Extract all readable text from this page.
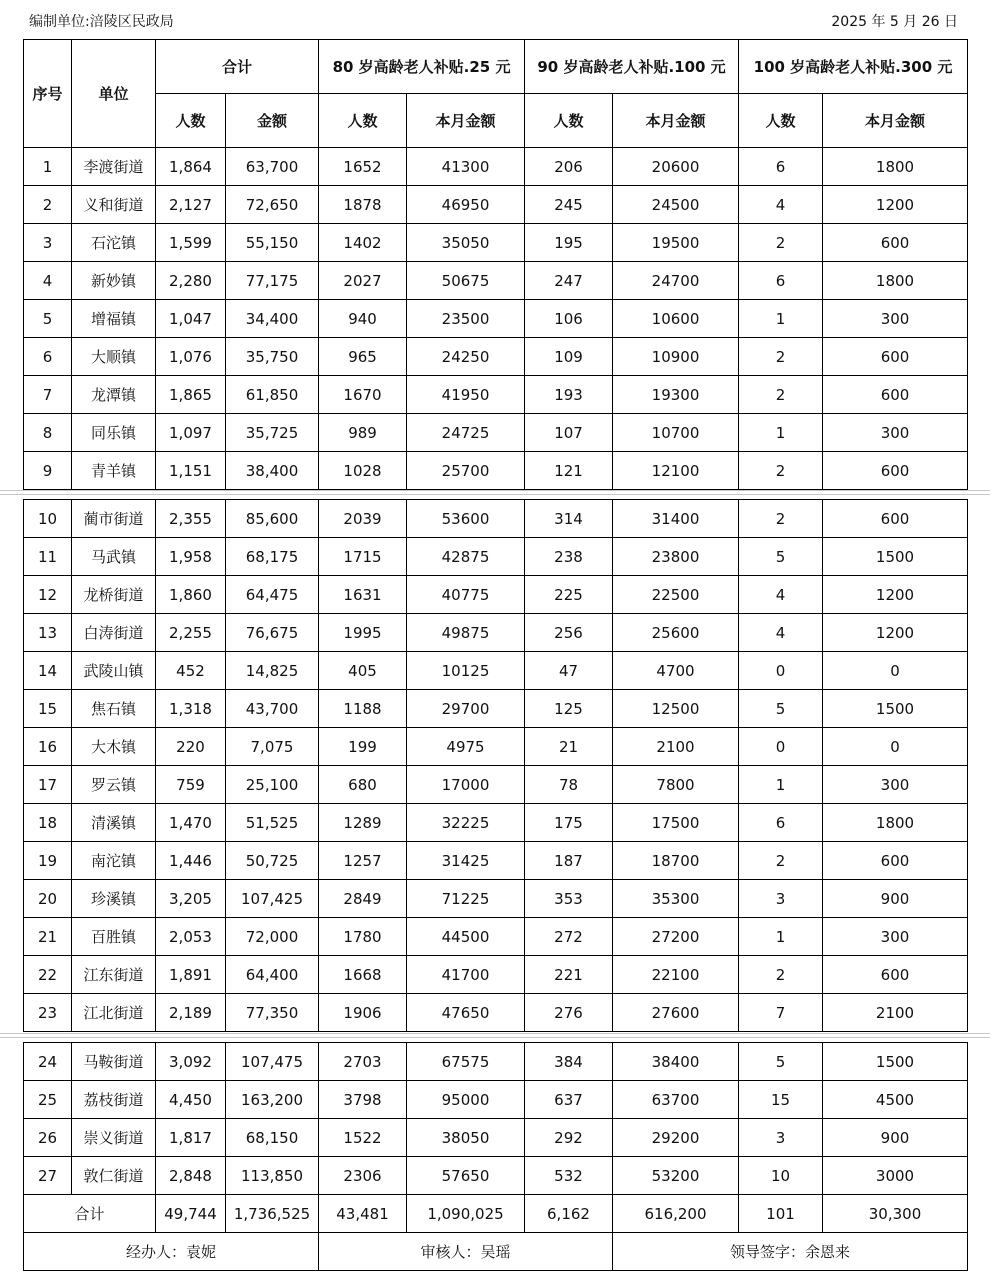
编制单位:涪陵区民政局	2025 年 5 月 26 日
序号	单位	合计		80 岁高龄老人补贴.25 元		90 岁高龄老人补贴.100 元		100 岁高龄老人补贴.300 元	
		人数	金额	人数	本月金额	人数	本月金额	人数	本月金额
1	李渡街道	1,864	63,700	1652	41300	206	20600	6	1800
2	义和街道	2,127	72,650	1878	46950	245	24500	4	1200
3	石沱镇	1,599	55,150	1402	35050	195	19500	2	600
4	新妙镇	2,280	77,175	2027	50675	247	24700	6	1800
5	增福镇	1,047	34,400	940	23500	106	10600	1	300
6	大顺镇	1,076	35,750	965	24250	109	10900	2	600
7	龙潭镇	1,865	61,850	1670	41950	193	19300	2	600
8	同乐镇	1,097	35,725	989	24725	107	10700	1	300
9	青羊镇	1,151	38,400	1028	25700	121	12100	2	600
10	蔺市街道	2,355	85,600	2039	53600	314	31400	2	600
11	马武镇	1,958	68,175	1715	42875	238	23800	5	1500
12	龙桥街道	1,860	64,475	1631	40775	225	22500	4	1200
13	白涛街道	2,255	76,675	1995	49875	256	25600	4	1200
14	武陵山镇	452	14,825	405	10125	47	4700	0	0
15	焦石镇	1,318	43,700	1188	29700	125	12500	5	1500
16	大木镇	220	7,075	199	4975	21	2100	0	0
17	罗云镇	759	25,100	680	17000	78	7800	1	300
18	清溪镇	1,470	51,525	1289	32225	175	17500	6	1800
19	南沱镇	1,446	50,725	1257	31425	187	18700	2	600
20	珍溪镇	3,205	107,425	2849	71225	353	35300	3	900
21	百胜镇	2,053	72,000	1780	44500	272	27200	1	300
22	江东街道	1,891	64,400	1668	41700	221	22100	2	600
23	江北街道	2,189	77,350	1906	47650	276	27600	7	2100
24	马鞍街道	3,092	107,475	2703	67575	384	38400	5	1500
25	荔枝街道	4,450	163,200	3798	95000	637	63700	15	4500
26	崇义街道	1,817	68,150	1522	38050	292	29200	3	900
27	敦仁街道	2,848	113,850	2306	57650	532	53200	10	3000
合计		49,744	1,736,525	43,481	1,090,025	6,162	616,200	101	30,300
经办人：袁妮				审核人：吴瑶			领导签字：余恩来		
